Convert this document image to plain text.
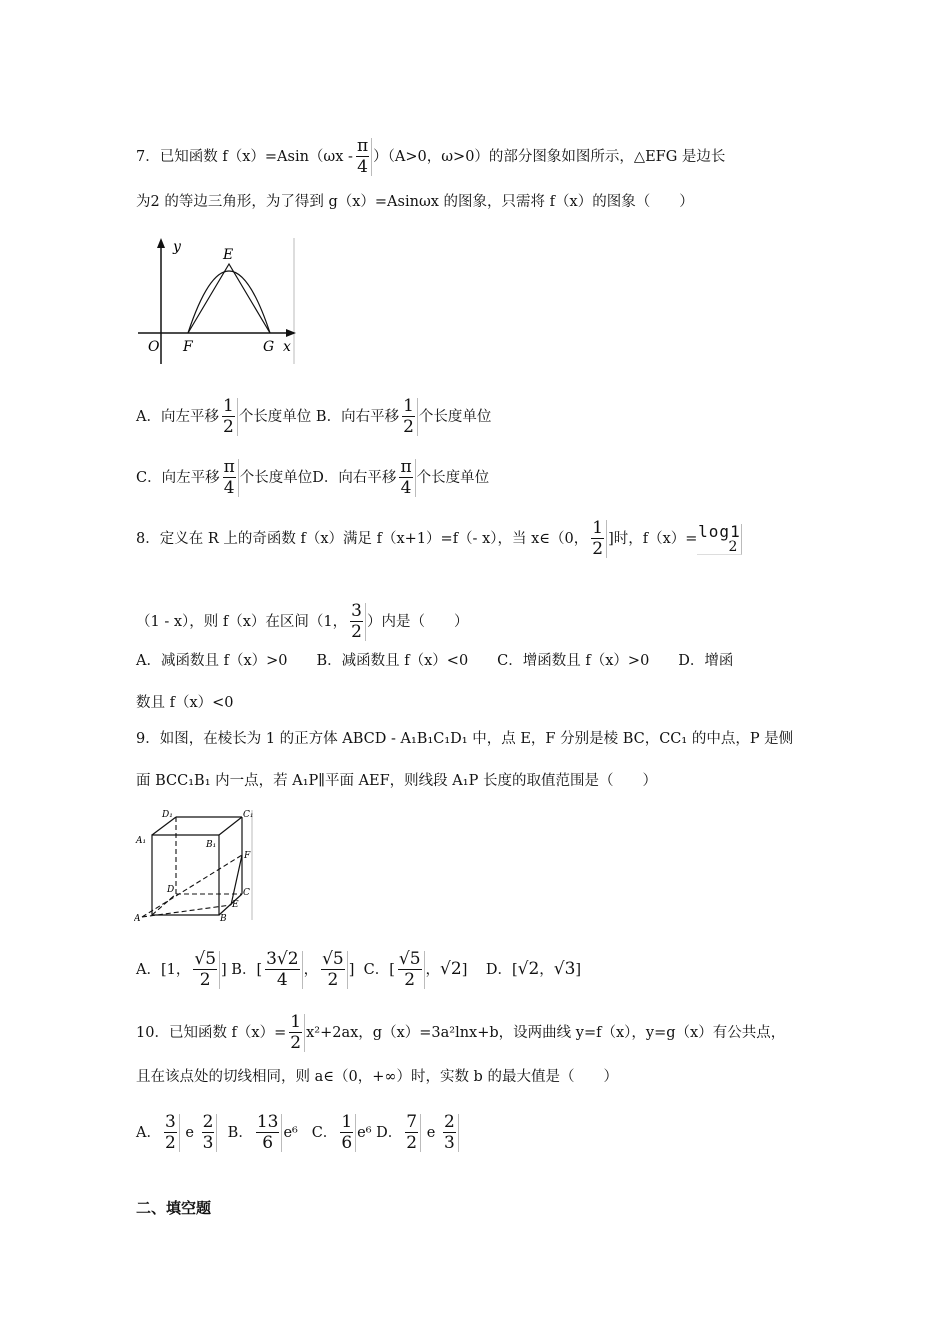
7．已知函数 $f(x)=Asin(\omega x - \frac{\pi}{4} )(A>0$，ω>0）的部分图象如图所示，△EFG 是边长
为2 的等边三角形，为了得到 g（x）=Asinωx 的图象，只需将 f（x）的图象（　　）
y	E
O F	G x
A．向左平移 $\frac{1}{2}$ 个长度单位 B．向右平移 $\frac{1}{2}$ 个长度单位
C．向左平移 $\frac{\pi}{4}$ 个长度单位D．向右平移 $\frac{\pi}{4}$ 个长度单位
8．定义在 R 上的奇函数 f（x）满足 f（x+1）=f（- x），当 x∈（0， $\frac{1}{2}$ ]时，f（x）= log1
2
（1 - x），则 f（x）在区间（1， $\frac{3}{2}$ ）内是（　　）
A．减函数且 f（x）>0　　B．减函数且 f（x）<0　　C．增函数且 f（x）>0　　D．增函
数且 f（x）<0
9．如图，在棱长为 1 的正方体 ABCD - A₁B₁C₁D₁ 中，点 E，F 分别是棱 BC，CC₁ 的中点，P 是侧
面 BCC₁B₁ 内一点，若 A₁P∥平面 AEF，则线段 A₁P 长度的取值范围是（　　）
D₁	C₁
A₁	B₁
F
D	C
E
A	B
A．[1， $\frac{√5}{2}$ ] B．[ $\frac{3√2}{4}$ ， $\frac{√5}{2}$ ] C．[ $\frac{√5}{2}$ ，√2] D．[√2，√3]
10．已知函数 $f(x)= \frac{1}{2} x^2+2ax$，g（x）=3a²lnx+b，设两曲线 y=f（x），y=g（x）有公共点，
且在该点处的切线相同，则 a∈（0，+∞）时，实数 b 的最大值是（　　）
A． $\frac{3}{2}$ e $\frac{2}{3}$ B． $\frac{13}{6} e^6$ C． $\frac{1}{6} e^6$ D． $\frac{7}{2}$ e $\frac{2}{3}$
二、填空题
